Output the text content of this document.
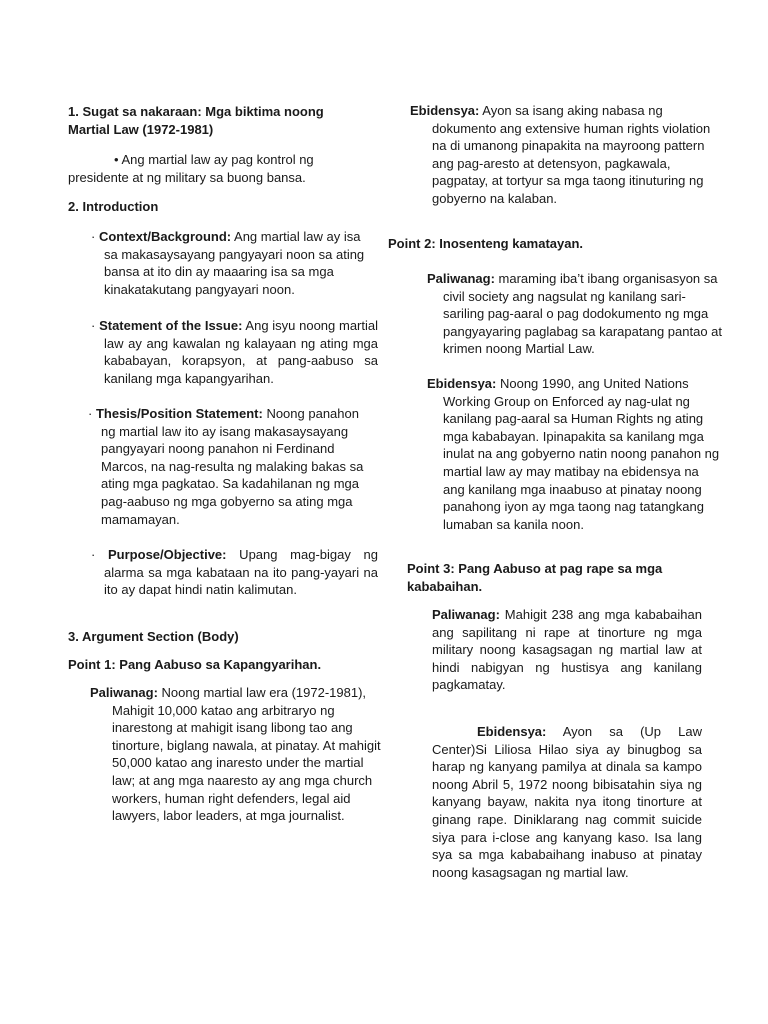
1. Sugat sa nakaraan: Mga biktima noong Martial Law (1972-1981)

• Ang martial law ay pag kontrol ng presidente at ng military sa buong bansa.

2. Introduction

· Context/Background: Ang martial law ay isa sa makasaysayang pangyayari noon sa ating bansa at ito din ay maaaring isa sa mga kinakatakutang pangyayari noon.
· Statement of the Issue: Ang isyu noong martial law ay ang kawalan ng kalayaan ng ating mga kababayan, korapsyon, at pang-aabuso sa kanilang mga kapangyarihan.
· Thesis/Position Statement: Noong panahon ng martial law ito ay isang makasaysayang pangyayari noong panahon ni Ferdinand Marcos, na nag-resulta ng malaking bakas sa ating mga pagkatao. Sa kadahilanan ng mga pag-aabuso ng mga gobyerno sa ating mga mamamayan.
· Purpose/Objective: Upang mag-bigay ng alarma sa mga kabataan na ito pang-yayari na ito ay dapat hindi natin kalimutan.

3. Argument Section (Body)

Point 1: Pang Aabuso sa Kapangyarihan.

Paliwanag: Noong martial law era (1972-1981), Mahigit 10,000 katao ang arbitraryo ng inarestong at mahigit isang libong tao ang tinorture, biglang nawala, at pinatay. At mahigit 50,000 katao ang inaresto under the martial law; at ang mga naaresto ay ang mga church workers, human right defenders, legal aid lawyers, labor leaders, at mga journalist.
Ebidensya: Ayon sa isang aking nabasa ng dokumento ang extensive human rights violation na di umanong pinapakita na mayroong pattern ang pag-aresto at detensyon, pagkawala, pagpatay, at tortyur sa mga taong itinuturing ng gobyerno na kalaban.

Point 2: Inosenteng kamatayan.

Paliwanag: maraming iba’t ibang organisasyon sa civil society ang nagsulat ng kanilang sari-sariling pag-aaral o pag dodokumento ng mga pangyayaring paglabag sa karapatang pantao at krimen noong Martial Law.
Ebidensya: Noong 1990, ang United Nations Working Group on Enforced ay nag-ulat ng kanilang pag-aaral sa Human Rights ng ating mga kababayan. Ipinapakita sa kanilang mga inulat na ang gobyerno natin noong panahon ng martial law ay may matibay na ebidensya na ang kanilang mga inaabuso at pinatay noong panahong iyon ay mga taong nag tatangkang lumaban sa kanila noon.

Point 3: Pang Aabuso at pag rape sa mga kababaihan.

Paliwanag: Mahigit 238 ang mga kababaihan ang sapilitang ni rape at tinorture ng mga military noong kasagsagan ng martial law at hindi nabigyan ng hustisya ang kanilang pagkamatay.
Ebidensya: Ayon sa (Up Law Center)Si Liliosa Hilao siya ay binugbog sa harap ng kanyang pamilya at dinala sa kampo noong Abril 5, 1972 noong bibisatahin siya ng kanyang bayaw, nakita nya itong tinorture at ginang rape. Diniklarang nag commit suicide siya para i-close ang kanyang kaso. Isa lang sya sa mga kababaihang inabuso at pinatay noong kasagsagan ng martial law.
